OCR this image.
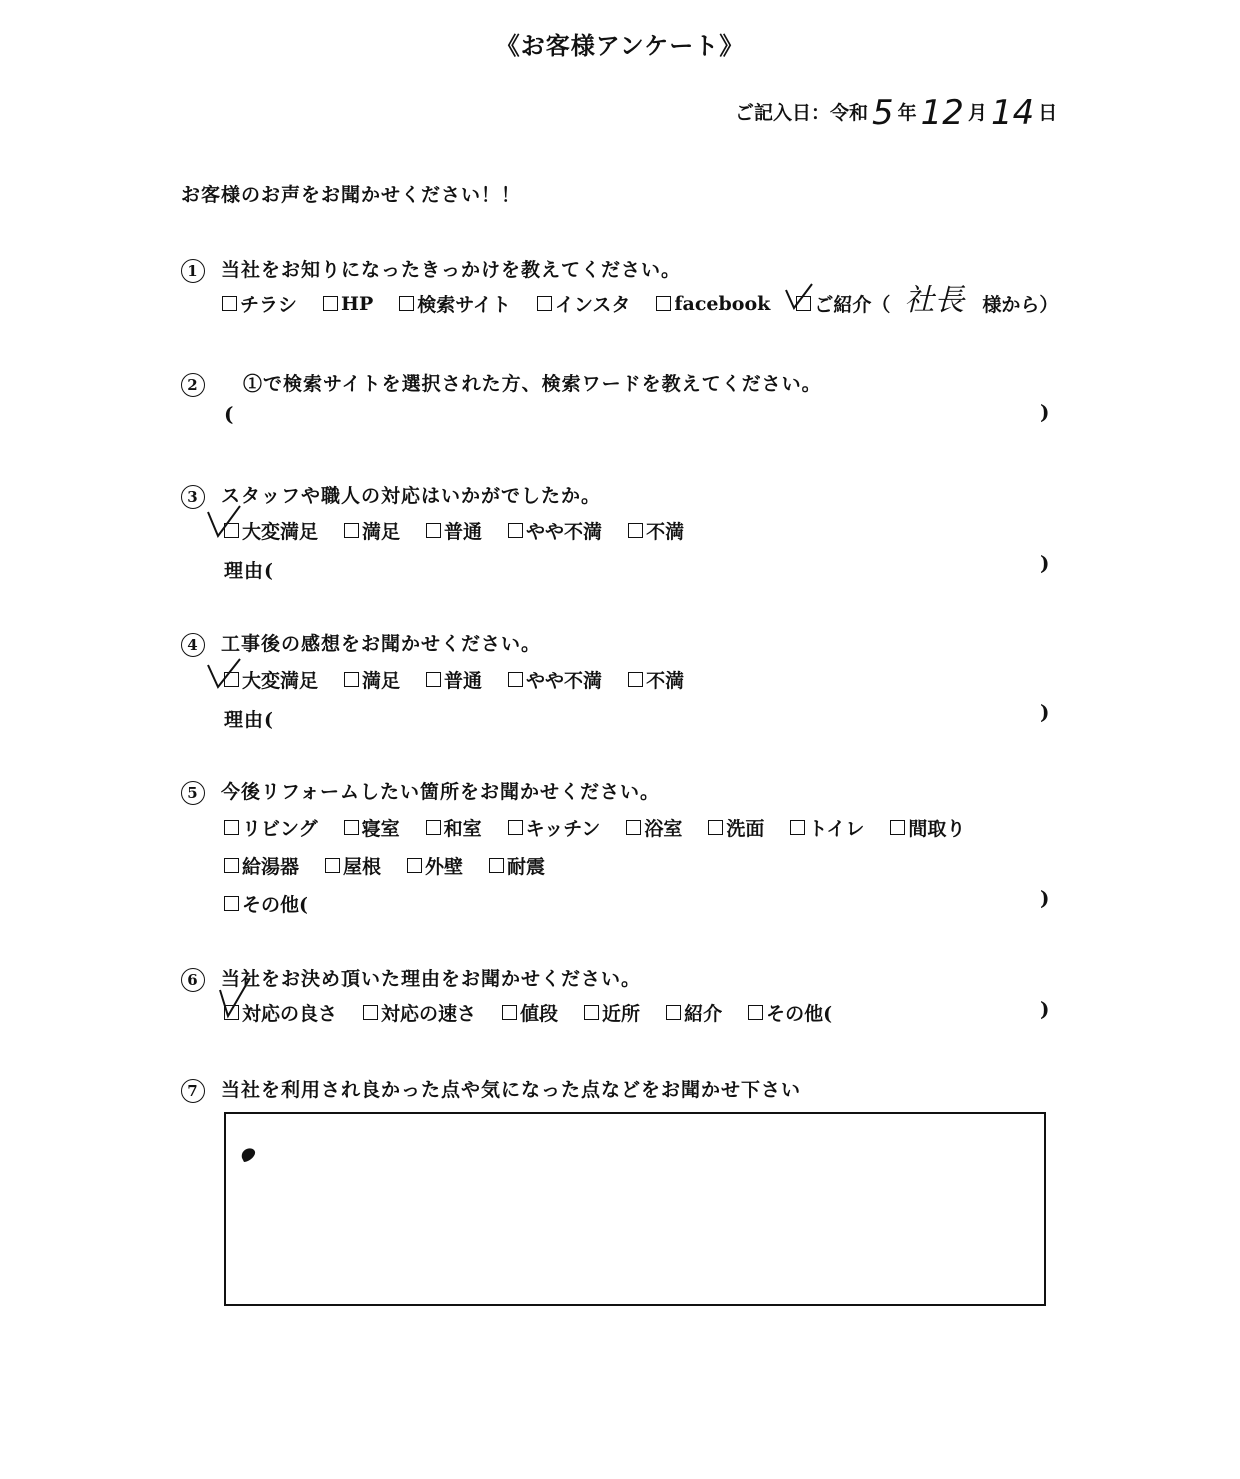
《お客様アンケート》
ご記入日：令和 5 年 12 月 14 日
お客様のお声をお聞かせください！！
1 当社をお知りになったきっかけを教えてください。
チラシ HP 検索サイト インスタ facebook ご紹介（ 社長 様から）
2 ①で検索サイトを選択された方、検索ワードを教えてください。
(	)
3 スタッフや職人の対応はいかがでしたか。
大変満足 満足 普通 やや不満 不満
理由(	)
4 工事後の感想をお聞かせください。
大変満足 満足 普通 やや不満 不満
理由(	)
5 今後リフォームしたい箇所をお聞かせください。
リビング 寝室 和室 キッチン 浴室 洗面 トイレ 間取り
給湯器 屋根 外壁 耐震
その他(	)
6 当社をお決め頂いた理由をお聞かせください。
対応の良さ 対応の速さ 値段 近所 紹介 その他(	)
7 当社を利用され良かった点や気になった点などをお聞かせ下さい
